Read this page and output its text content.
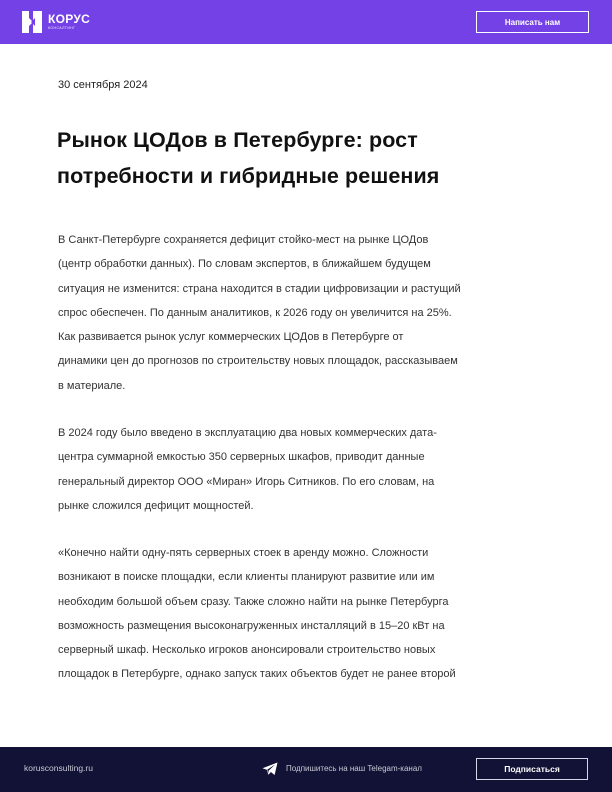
КОРУС
КОНСАЛТИНГ
Написать нам
30 сентября 2024
Рынок ЦОДов в Петербурге: рост
потребности и гибридные решения

В Санкт-Петербурге сохраняется дефицит стойко-мест на рынке ЦОДов
(центр обработки данных). По словам экспертов, в ближайшем будущем
ситуация не изменится: страна находится в стадии цифровизации и растущий
спрос обеспечен. По данным аналитиков, к 2026 году он увеличится на 25%.
Как развивается рынок услуг коммерческих ЦОДов в Петербурге от
динамики цен до прогнозов по строительству новых площадок, рассказываем
в материале.

В 2024 году было введено в эксплуатацию два новых коммерческих дата-
центра суммарной емкостью 350 серверных шкафов, приводит данные
генеральный директор ООО «Миран» Игорь Ситников. По его словам, на
рынке сложился дефицит мощностей.

«Конечно найти одну-пять серверных стоек в аренду можно. Сложности
возникают в поиске площадки, если клиенты планируют развитие или им
необходим большой объем сразу. Также сложно найти на рынке Петербурга
возможность размещения высоконагруженных инсталляций в 15–20 кВт на
серверный шкаф. Несколько игроков анонсировали строительство новых
площадок в Петербурге, однако запуск таких объектов будет не ранее второй

korusconsulting.ru	Подпишитесь на наш Telegam-канал	Подписаться
